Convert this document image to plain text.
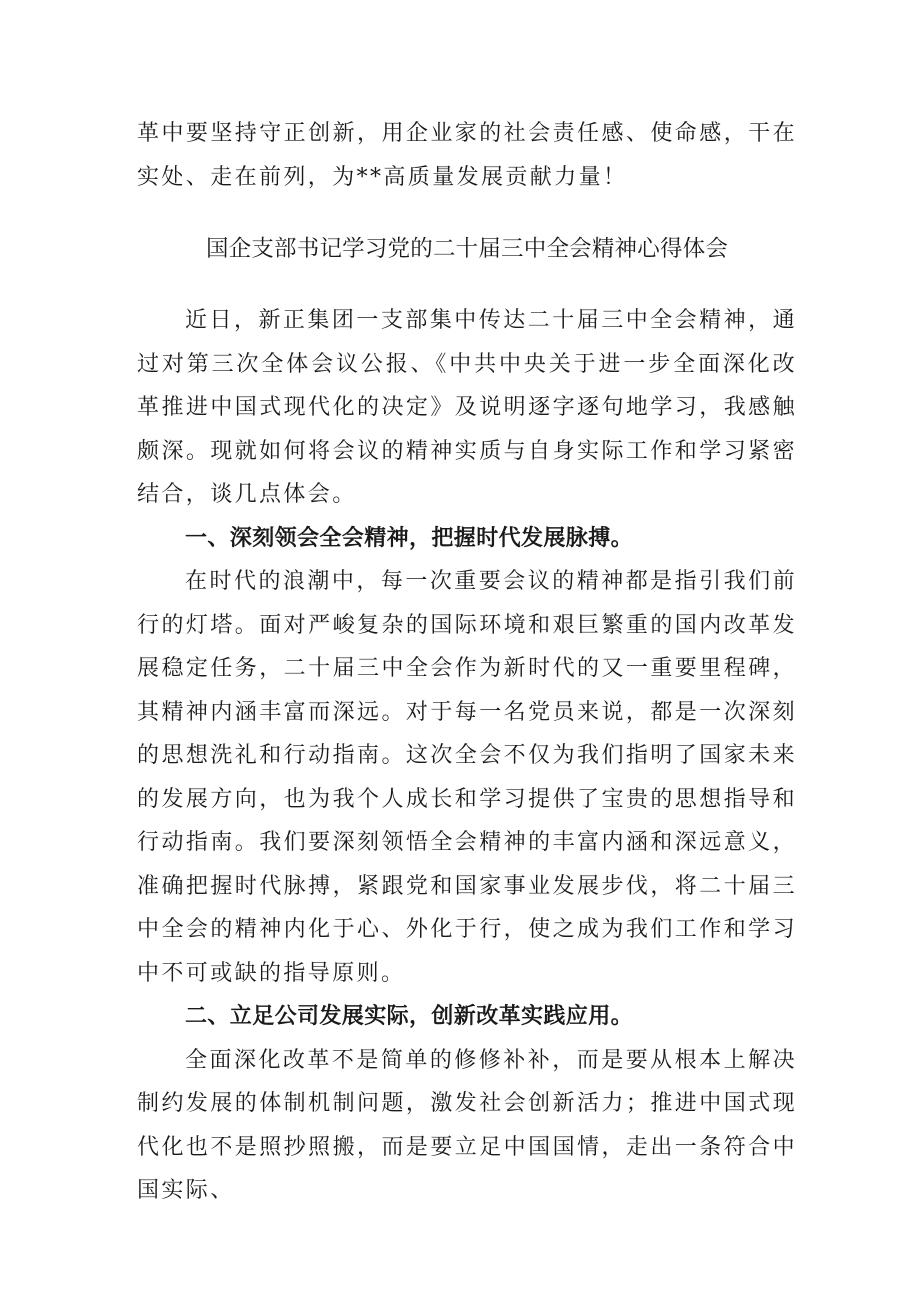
革中要坚持守正创新，用企业家的社会责任感、使命感，干在实处、走在前列，为**高质量发展贡献力量！

国企支部书记学习党的二十届三中全会精神心得体会

近日，新正集团一支部集中传达二十届三中全会精神，通过对第三次全体会议公报、《中共中央关于进一步全面深化改革推进中国式现代化的决定》及说明逐字逐句地学习，我感触颇深。现就如何将会议的精神实质与自身实际工作和学习紧密结合，谈几点体会。

一、深刻领会全会精神，把握时代发展脉搏。

在时代的浪潮中，每一次重要会议的精神都是指引我们前行的灯塔。面对严峻复杂的国际环境和艰巨繁重的国内改革发展稳定任务，二十届三中全会作为新时代的又一重要里程碑，其精神内涵丰富而深远。对于每一名党员来说，都是一次深刻的思想洗礼和行动指南。这次全会不仅为我们指明了国家未来的发展方向，也为我个人成长和学习提供了宝贵的思想指导和行动指南。我们要深刻领悟全会精神的丰富内涵和深远意义，准确把握时代脉搏，紧跟党和国家事业发展步伐，将二十届三中全会的精神内化于心、外化于行，使之成为我们工作和学习中不可或缺的指导原则。

二、立足公司发展实际，创新改革实践应用。

全面深化改革不是简单的修修补补，而是要从根本上解决制约发展的体制机制问题，激发社会创新活力；推进中国式现代化也不是照抄照搬，而是要立足中国国情，走出一条符合中国实际、
